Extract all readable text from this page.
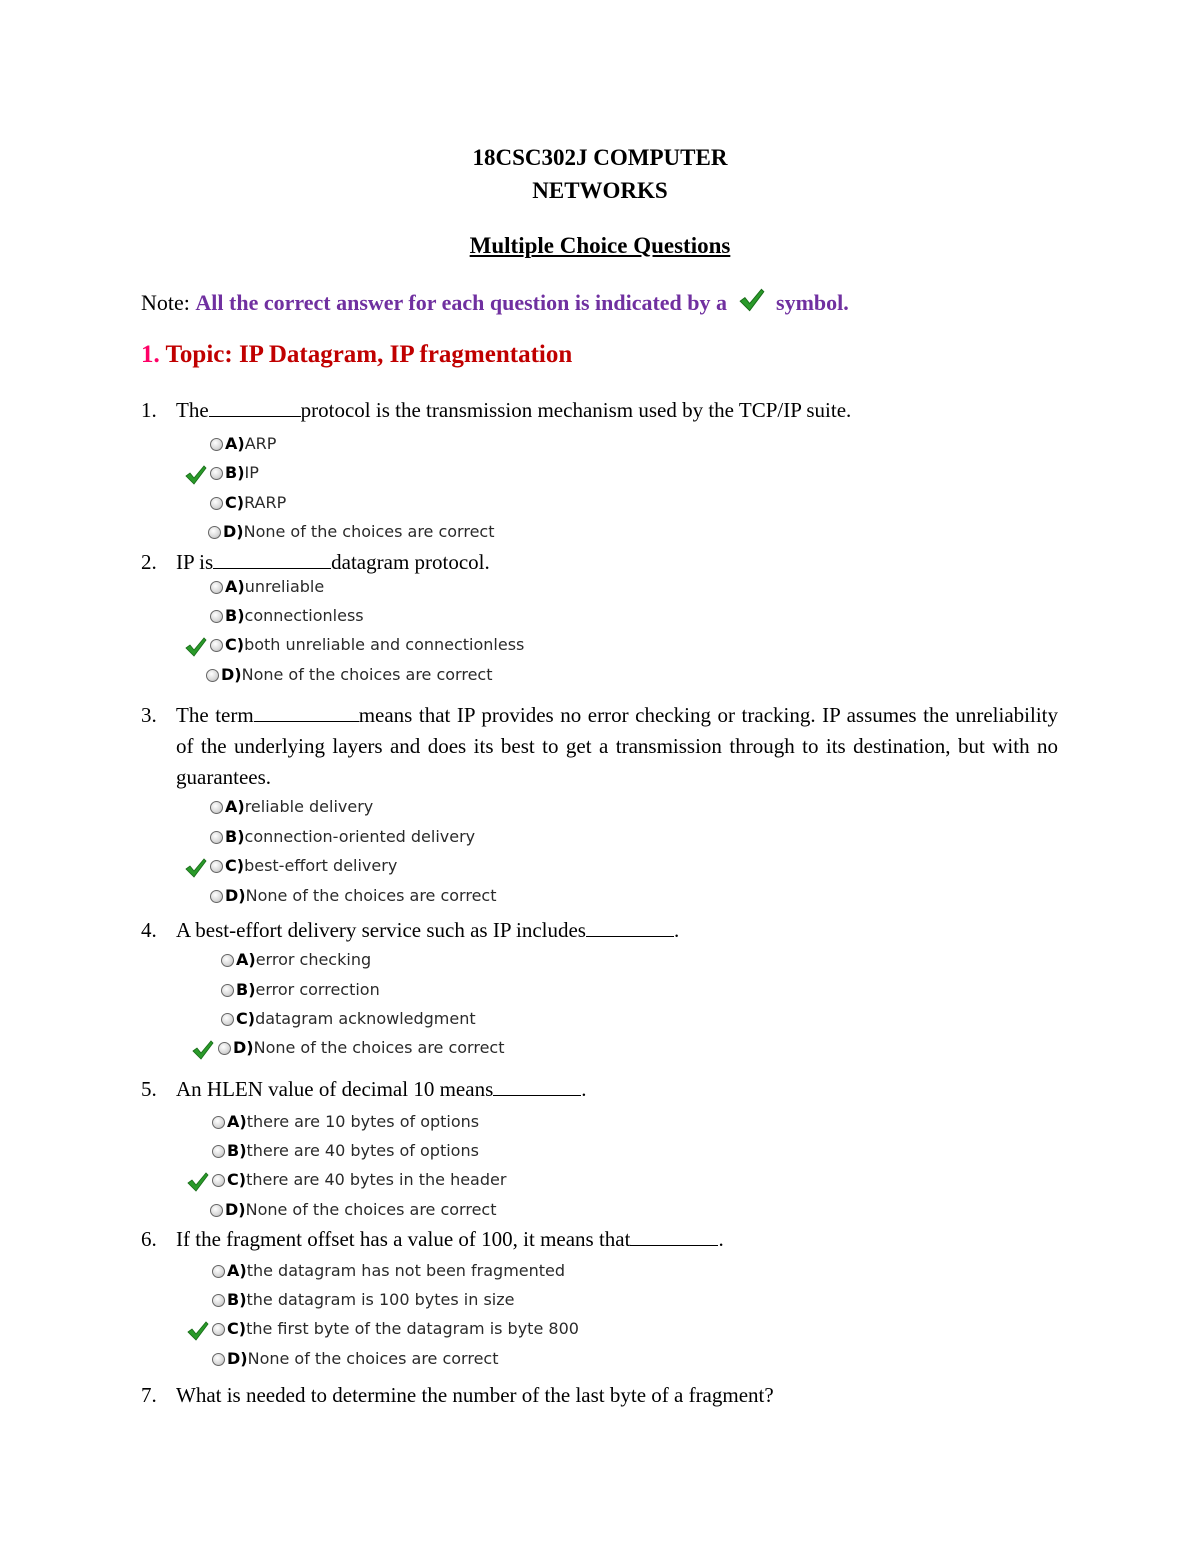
18CSC302J COMPUTER
NETWORKS
Multiple Choice Questions
Note: All the correct answer for each question is indicated by a symbol.
1. Topic: IP Datagram, IP fragmentation
1. The	protocol is the transmission mechanism used by the TCP/IP suite.
A)ARP
B)IP
C)RARP
D)None of the choices are correct
2. IP is	datagram protocol.
A)unreliable
B)connectionless
C)both unreliable and connectionless
D)None of the choices are correct
3. The term	means that IP provides no error checking or tracking. IP assumes the unreliability of the underlying layers and does its best to get a transmission through to its destination, but with no guarantees.
A)reliable delivery
B)connection-oriented delivery
C)best-effort delivery
D)None of the choices are correct
4. A best-effort delivery service such as IP includes	.
A)error checking
B)error correction
C)datagram acknowledgment
D)None of the choices are correct
5. An HLEN value of decimal 10 means	.
A)there are 10 bytes of options
B)there are 40 bytes of options
C)there are 40 bytes in the header
D)None of the choices are correct
6. If the fragment offset has a value of 100, it means that	.
A)the datagram has not been fragmented
B)the datagram is 100 bytes in size
C)the first byte of the datagram is byte 800
D)None of the choices are correct
7. What is needed to determine the number of the last byte of a fragment?
